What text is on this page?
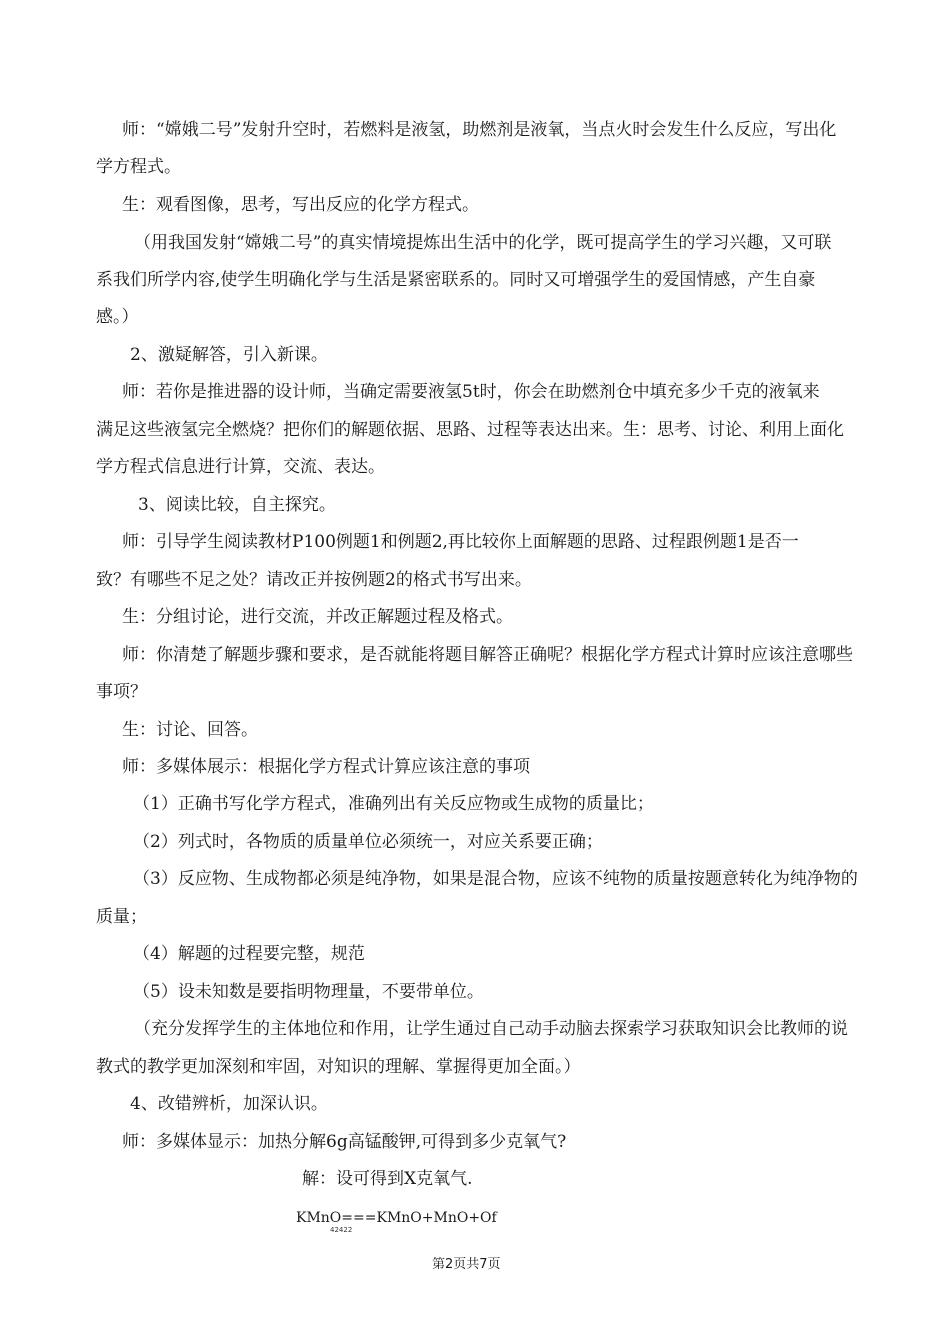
师：“嫦娥二号”发射升空时，若燃料是液氢，助燃剂是液氧，当点火时会发生什么反应，写出化
学方程式。
生：观看图像，思考，写出反应的化学方程式。
（用我国发射“嫦娥二号”的真实情境提炼出生活中的化学，既可提高学生的学习兴趣，又可联
系我们所学内容,使学生明确化学与生活是紧密联系的。同时又可增强学生的爱国情感，产生自豪
感。）
2、激疑解答，引入新课。
师：若你是推进器的设计师，当确定需要液氢5t时，你会在助燃剂仓中填充多少千克的液氧来
满足这些液氢完全燃烧？把你们的解题依据、思路、过程等表达出来。生：思考、讨论、利用上面化
学方程式信息进行计算，交流、表达。
3、阅读比较，自主探究。
师：引导学生阅读教材P100例题1和例题2,再比较你上面解题的思路、过程跟例题1是否一
致？有哪些不足之处？请改正并按例题2的格式书写出来。
生：分组讨论，进行交流，并改正解题过程及格式。
师：你清楚了解题步骤和要求，是否就能将题目解答正确呢？根据化学方程式计算时应该注意哪些
事项？
生：讨论、回答。
师：多媒体展示：根据化学方程式计算应该注意的事项
（1）正确书写化学方程式，准确列出有关反应物或生成物的质量比；
（2）列式时，各物质的质量单位必须统一，对应关系要正确；
（3）反应物、生成物都必须是纯净物，如果是混合物，应该不纯物的质量按题意转化为纯净物的
质量；
（4）解题的过程要完整，规范
（5）设未知数是要指明物理量，不要带单位。
（充分发挥学生的主体地位和作用，让学生通过自己动手动脑去探索学习获取知识会比教师的说
教式的教学更加深刻和牢固，对知识的理解、掌握得更加全面。）
4、改错辨析，加深认识。
师：多媒体显示：加热分解6g高锰酸钾,可得到多少克氧气?
解：设可得到X克氧气.
KMnO===KMnO+MnO+Of
42422
第2页共7页
